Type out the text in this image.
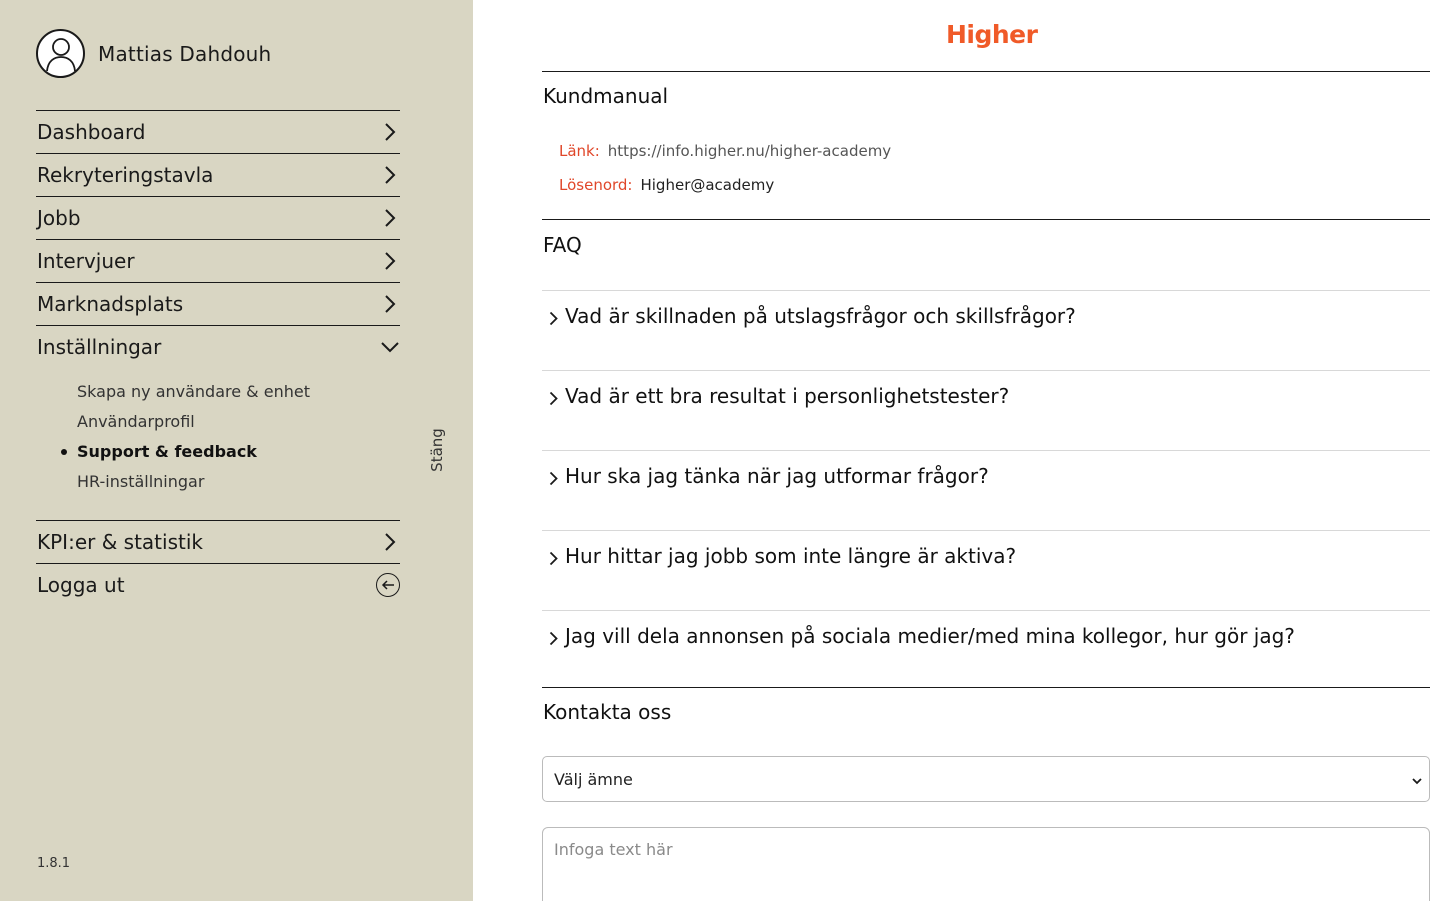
Mattias Dahdouh
Dashboard
Rekryteringstavla
Jobb
Intervjuer
Marknadsplats
Inställningar
Skapa ny användare & enhet
Användarprofil
Support & feedback
HR-inställningar
KPI:er & statistik
Logga ut
Stäng
1.8.1
Higher
Kundmanual
Länk: https://info.higher.nu/higher-academy
Lösenord: Higher@academy
FAQ
Vad är skillnaden på utslagsfrågor och skillsfrågor?
Vad är ett bra resultat i personlighetstester?
Hur ska jag tänka när jag utformar frågor?
Hur hittar jag jobb som inte längre är aktiva?
Jag vill dela annonsen på sociala medier/med mina kollegor, hur gör jag?
Kontakta oss
Välj ämne
Infoga text här
